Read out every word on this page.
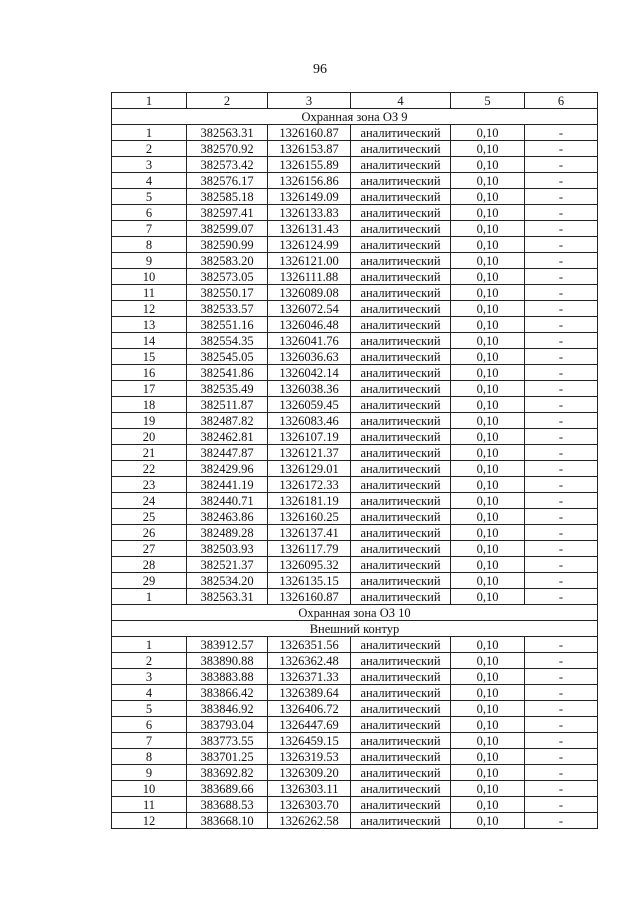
96
1	2	3	4	5	6
Охранная зона ОЗ 9					
1	382563.31	1326160.87	аналитический	0,10	-
2	382570.92	1326153.87	аналитический	0,10	-
3	382573.42	1326155.89	аналитический	0,10	-
4	382576.17	1326156.86	аналитический	0,10	-
5	382585.18	1326149.09	аналитический	0,10	-
6	382597.41	1326133.83	аналитический	0,10	-
7	382599.07	1326131.43	аналитический	0,10	-
8	382590.99	1326124.99	аналитический	0,10	-
9	382583.20	1326121.00	аналитический	0,10	-
10	382573.05	1326111.88	аналитический	0,10	-
11	382550.17	1326089.08	аналитический	0,10	-
12	382533.57	1326072.54	аналитический	0,10	-
13	382551.16	1326046.48	аналитический	0,10	-
14	382554.35	1326041.76	аналитический	0,10	-
15	382545.05	1326036.63	аналитический	0,10	-
16	382541.86	1326042.14	аналитический	0,10	-
17	382535.49	1326038.36	аналитический	0,10	-
18	382511.87	1326059.45	аналитический	0,10	-
19	382487.82	1326083.46	аналитический	0,10	-
20	382462.81	1326107.19	аналитический	0,10	-
21	382447.87	1326121.37	аналитический	0,10	-
22	382429.96	1326129.01	аналитический	0,10	-
23	382441.19	1326172.33	аналитический	0,10	-
24	382440.71	1326181.19	аналитический	0,10	-
25	382463.86	1326160.25	аналитический	0,10	-
26	382489.28	1326137.41	аналитический	0,10	-
27	382503.93	1326117.79	аналитический	0,10	-
28	382521.37	1326095.32	аналитический	0,10	-
29	382534.20	1326135.15	аналитический	0,10	-
1	382563.31	1326160.87	аналитический	0,10	-
Охранная зона ОЗ 10					
Внешний контур					
1	383912.57	1326351.56	аналитический	0,10	-
2	383890.88	1326362.48	аналитический	0,10	-
3	383883.88	1326371.33	аналитический	0,10	-
4	383866.42	1326389.64	аналитический	0,10	-
5	383846.92	1326406.72	аналитический	0,10	-
6	383793.04	1326447.69	аналитический	0,10	-
7	383773.55	1326459.15	аналитический	0,10	-
8	383701.25	1326319.53	аналитический	0,10	-
9	383692.82	1326309.20	аналитический	0,10	-
10	383689.66	1326303.11	аналитический	0,10	-
11	383688.53	1326303.70	аналитический	0,10	-
12	383668.10	1326262.58	аналитический	0,10	-
